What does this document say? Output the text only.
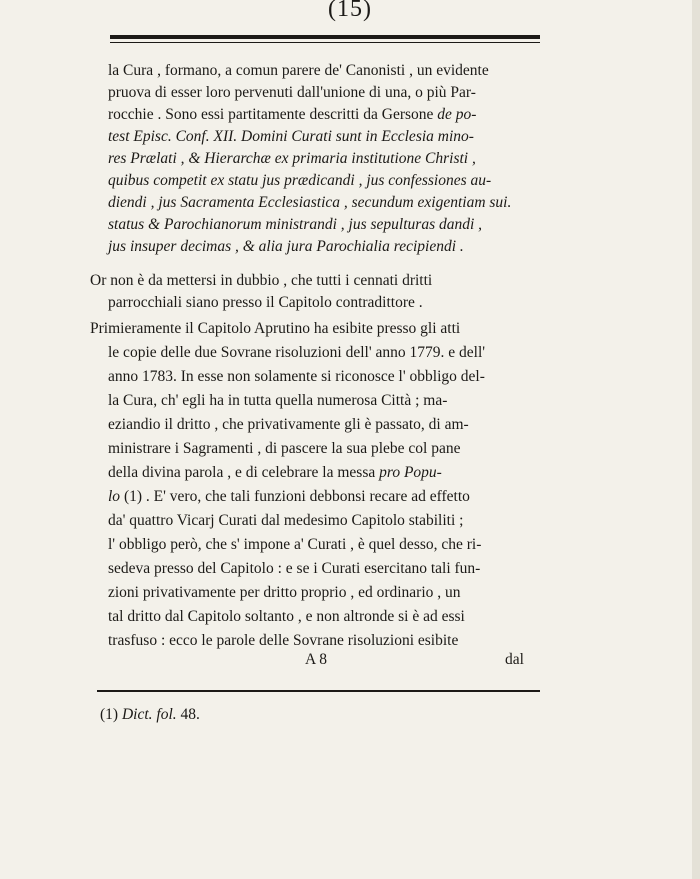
(15)
la Cura , formano, a comun parere de' Canonisti , un evidente
pruova di esser loro pervenuti dall'unione di una, o più Par-
rocchie . Sono essi partitamente descritti da Gersone de po-
test Episc. Conf. XII. Domini Curati sunt in Ecclesia mino-
res Prælati , & Hierarchæ ex primaria institutione Christi ,
quibus competit ex statu jus prædicandi , jus confessiones au-
diendi , jus Sacramenta Ecclesiastica , secundum exigentiam sui.
status & Parochianorum ministrandi , jus sepulturas dandi ,
jus insuper decimas , & alia jura Parochialia recipiendi .
Or non è da mettersi in dubbio , che tutti i cennati dritti
parrocchiali siano presso il Capitolo contradittore .
Primieramente il Capitolo Aprutino ha esibite presso gli atti
le copie delle due Sovrane risoluzioni dell' anno 1779. e dell'
anno 1783. In esse non solamente si riconosce l' obbligo del-
la Cura, ch' egli ha in tutta quella numerosa Città ; ma-
eziandio il dritto , che privativamente gli è passato, di am-
ministrare i Sagramenti , di pascere la sua plebe col pane
della divina parola , e di celebrare la messa pro Popu-
lo (1) . E' vero, che tali funzioni debbonsi recare ad effetto
da' quattro Vicarj Curati dal medesimo Capitolo stabiliti ;
l' obbligo però, che s' impone a' Curati , è quel desso, che ri-
sedeva presso del Capitolo : e se i Curati esercitano tali fun-
zioni privativamente per dritto proprio , ed ordinario , un
tal dritto dal Capitolo soltanto , e non altronde si è ad essi
trasfuso : ecco le parole delle Sovrane risoluzioni esibite
A 8	dal
(1) Dict. fol. 48.
